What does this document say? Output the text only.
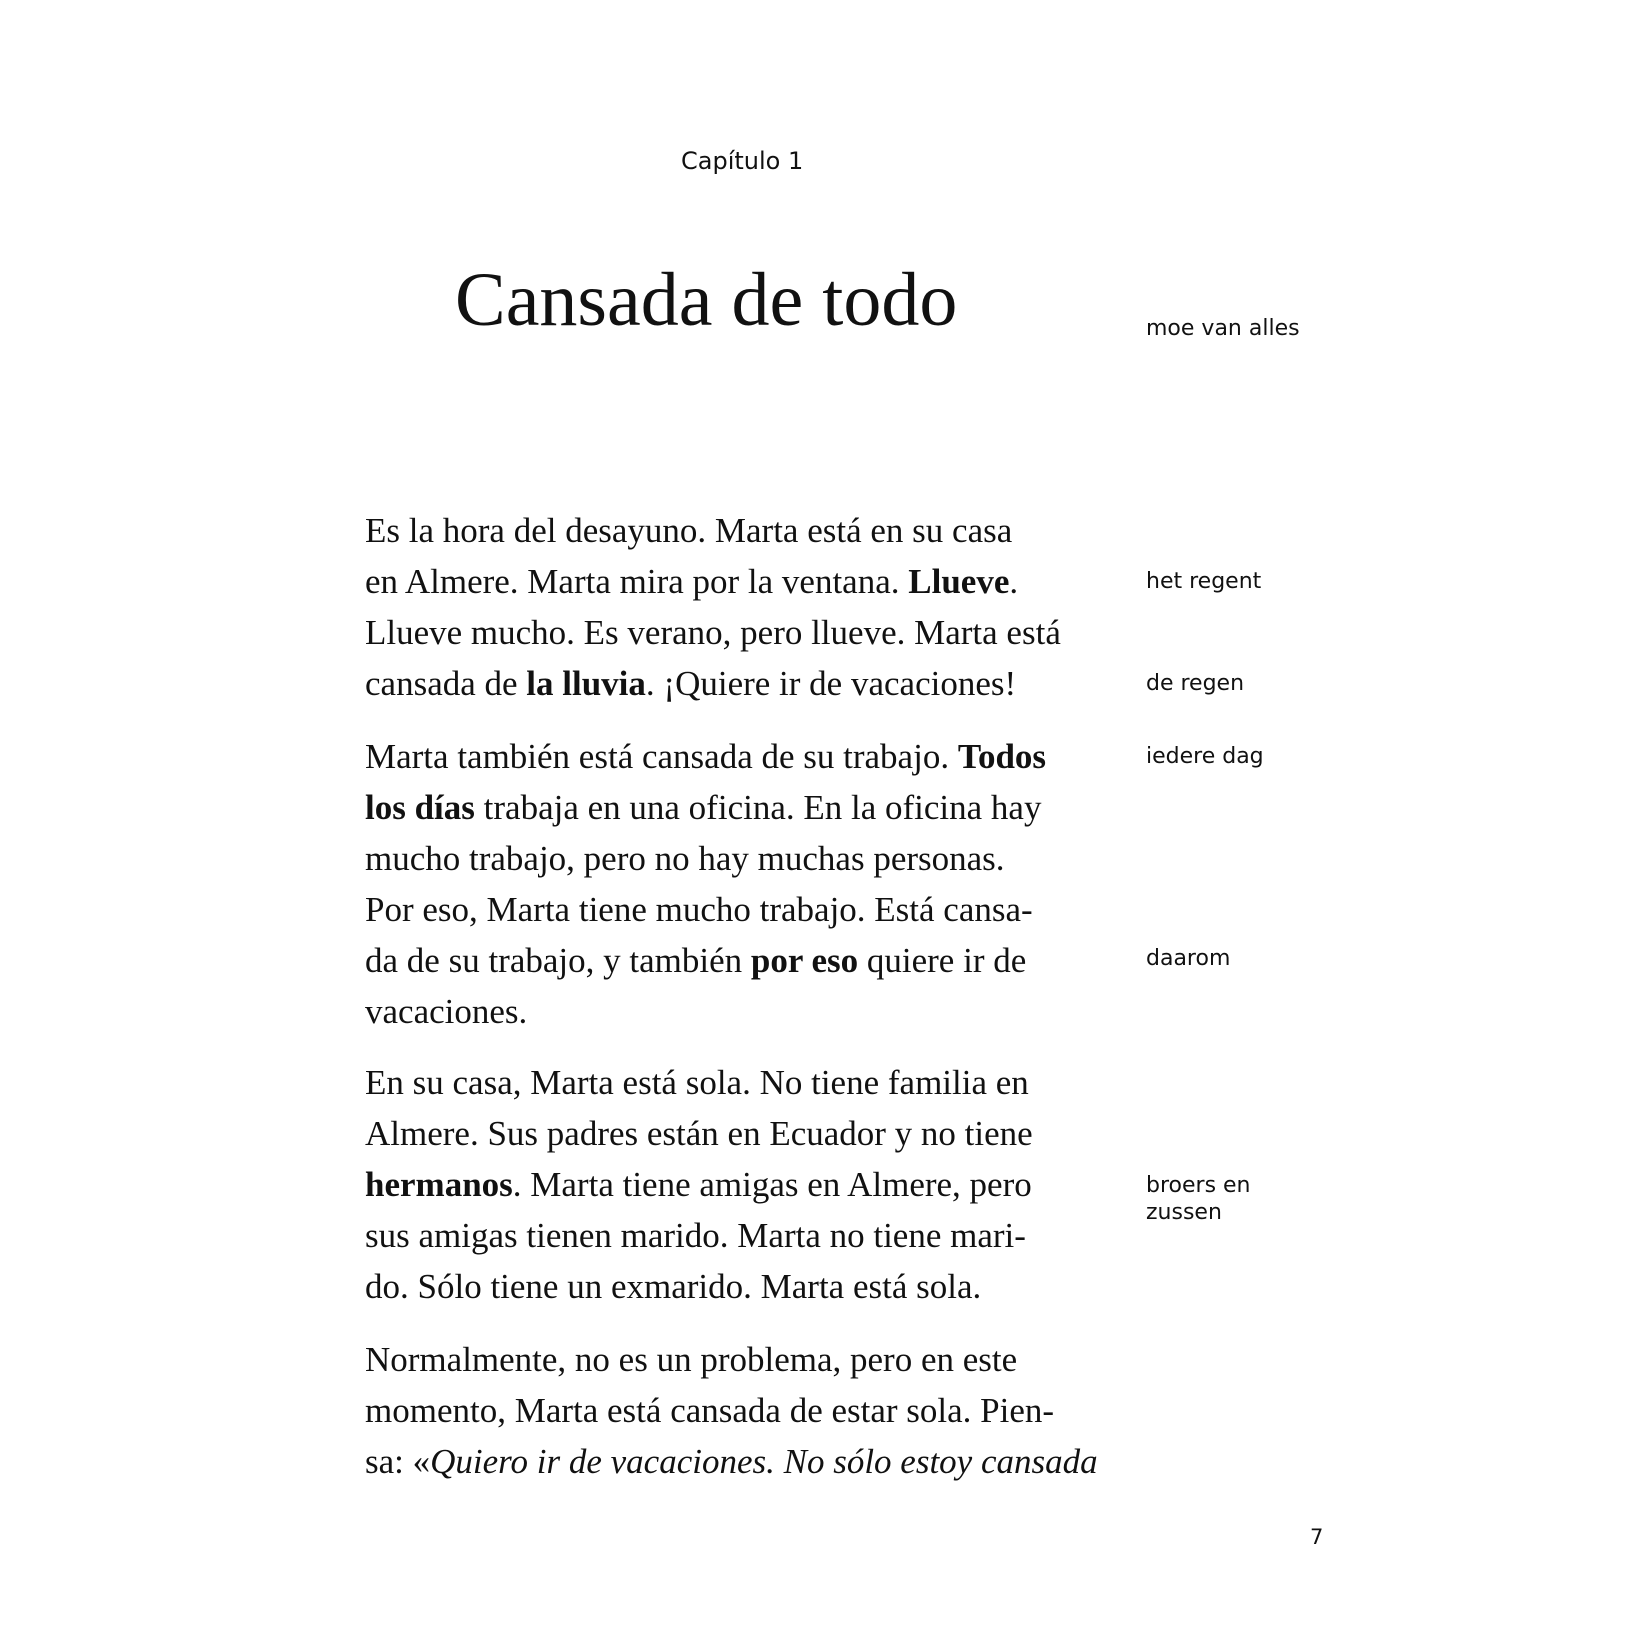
Capítulo 1
Cansada de todo	moe van alles
Es la hora del desayuno. Marta está en su casa
en Almere. Marta mira por la ventana. Llueve.
Llueve mucho. Es verano, pero llueve. Marta está
cansada de la lluvia. ¡Quiere ir de vacaciones!
Marta también está cansada de su trabajo. Todos
los días trabaja en una oficina. En la oficina hay
mucho trabajo, pero no hay muchas personas.
Por eso, Marta tiene mucho trabajo. Está cansa-
da de su trabajo, y también por eso quiere ir de
vacaciones.
En su casa, Marta está sola. No tiene familia en
Almere. Sus padres están en Ecuador y no tiene
hermanos. Marta tiene amigas en Almere, pero
sus amigas tienen marido. Marta no tiene mari-
do. Sólo tiene un exmarido. Marta está sola.
Normalmente, no es un problema, pero en este
momento, Marta está cansada de estar sola. Pien-
sa: «Quiero ir de vacaciones. No sólo estoy cansada
het regent
de regen
iedere dag
daarom
broers en
zussen
7
